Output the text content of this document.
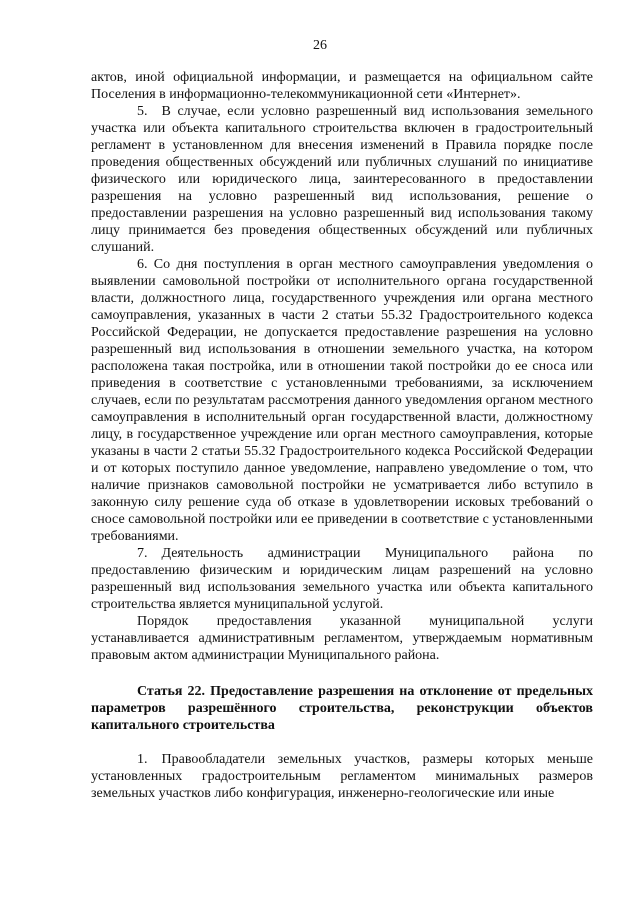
26

актов, иной официальной информации, и размещается на официальном сайте Поселения в информационно-телекоммуникационной сети «Интернет».

5. В случае, если условно разрешенный вид использования земельного участка или объекта капитального строительства включен в градостроительный регламент в установленном для внесения изменений в Правила порядке после проведения общественных обсуждений или публичных слушаний по инициативе физического или юридического лица, заинтересованного в предоставлении разрешения на условно разрешенный вид использования, решение о предоставлении разрешения на условно разрешенный вид использования такому лицу принимается без проведения общественных обсуждений или публичных слушаний.

6. Со дня поступления в орган местного самоуправления уведомления о выявлении самовольной постройки от исполнительного органа государственной власти, должностного лица, государственного учреждения или органа местного самоуправления, указанных в части 2 статьи 55.32 Градостроительного кодекса Российской Федерации, не допускается предоставление разрешения на условно разрешенный вид использования в отношении земельного участка, на котором расположена такая постройка, или в отношении такой постройки до ее сноса или приведения в соответствие с установленными требованиями, за исключением случаев, если по результатам рассмотрения данного уведомления органом местного самоуправления в исполнительный орган государственной власти, должностному лицу, в государственное учреждение или орган местного самоуправления, которые указаны в части 2 статьи 55.32 Градостроительного кодекса Российской Федерации и от которых поступило данное уведомление, направлено уведомление о том, что наличие признаков самовольной постройки не усматривается либо вступило в законную силу решение суда об отказе в удовлетворении исковых требований о сносе самовольной постройки или ее приведении в соответствие с установленными требованиями.

7. Деятельность администрации Муниципального района по предоставлению физическим и юридическим лицам разрешений на условно разрешенный вид использования земельного участка или объекта капитального строительства является муниципальной услугой.

Порядок предоставления указанной муниципальной услуги устанавливается административным регламентом, утверждаемым нормативным правовым актом администрации Муниципального района.

Статья 22. Предоставление разрешения на отклонение от предельных параметров разрешённого строительства, реконструкции объектов капитального строительства

1. Правообладатели земельных участков, размеры которых меньше установленных градостроительным регламентом минимальных размеров земельных участков либо конфигурация, инженерно-геологические или иные
